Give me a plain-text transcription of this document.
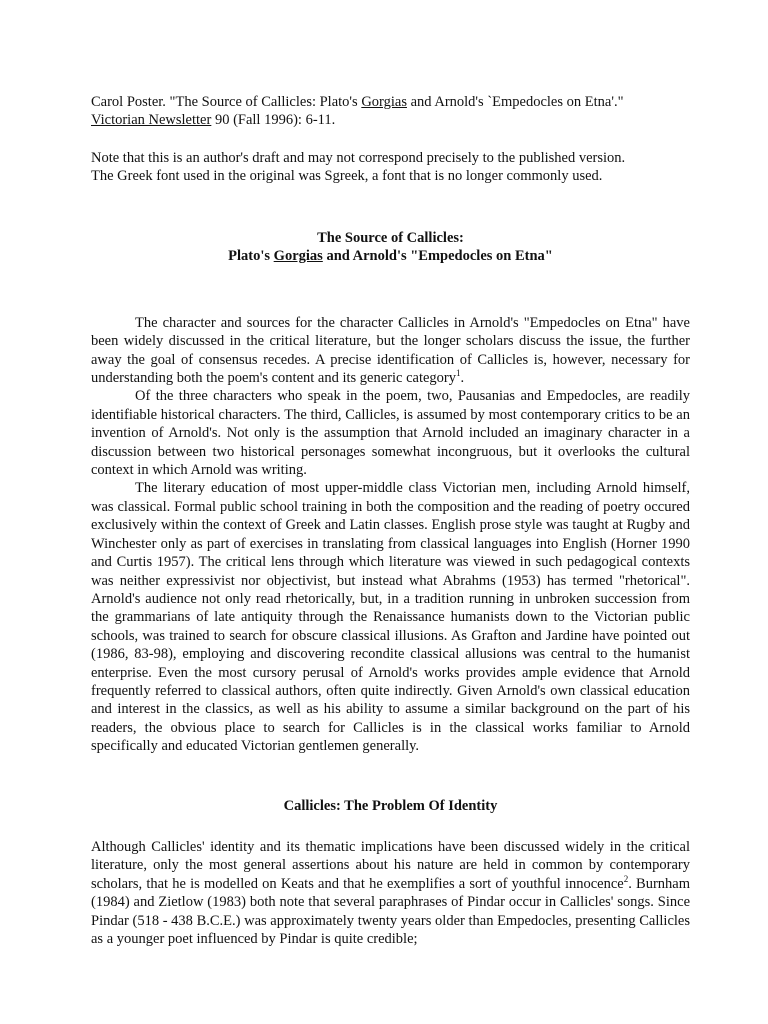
Carol Poster. "The Source of Callicles: Plato's Gorgias and Arnold's `Empedocles on Etna'."
Victorian Newsletter 90 (Fall 1996): 6-11.

Note that this is an author's draft and may not correspond precisely to the published version.
The Greek font used in the original was Sgreek, a font that is no longer commonly used.

The Source of Callicles:
Plato's Gorgias and Arnold's "Empedocles on Etna"

The character and sources for the character Callicles in Arnold's "Empedocles on Etna" have been widely discussed in the critical literature, but the longer scholars discuss the issue, the further away the goal of consensus recedes. A precise identification of Callicles is, however, necessary for understanding both the poem's content and its generic category$^1$.

Of the three characters who speak in the poem, two, Pausanias and Empedocles, are readily identifiable historical characters. The third, Callicles, is assumed by most contemporary critics to be an invention of Arnold's. Not only is the assumption that Arnold included an imaginary character in a discussion between two historical personages somewhat incongruous, but it overlooks the cultural context in which Arnold was writing.

The literary education of most upper-middle class Victorian men, including Arnold himself, was classical. Formal public school training in both the composition and the reading of poetry occured exclusively within the context of Greek and Latin classes. English prose style was taught at Rugby and Winchester only as part of exercises in translating from classical languages into English (Horner 1990 and Curtis 1957). The critical lens through which literature was viewed in such pedagogical contexts was neither expressivist nor objectivist, but instead what Abrahms (1953) has termed "rhetorical". Arnold's audience not only read rhetorically, but, in a tradition running in unbroken succession from the grammarians of late antiquity through the Renaissance humanists down to the Victorian public schools, was trained to search for obscure classical illusions. As Grafton and Jardine have pointed out (1986, 83-98), employing and discovering recondite classical allusions was central to the humanist enterprise. Even the most cursory perusal of Arnold's works provides ample evidence that Arnold frequently referred to classical authors, often quite indirectly. Given Arnold's own classical education and interest in the classics, as well as his ability to assume a similar background on the part of his readers, the obvious place to search for Callicles is in the classical works familiar to Arnold specifically and educated Victorian gentlemen generally.

Callicles: The Problem Of Identity

Although Callicles' identity and its thematic implications have been discussed widely in the critical literature, only the most general assertions about his nature are held in common by contemporary scholars, that he is modelled on Keats and that he exemplifies a sort of youthful innocence$^2$. Burnham (1984) and Zietlow (1983) both note that several paraphrases of Pindar occur in Callicles' songs. Since Pindar (518 - 438 B.C.E.) was approximately twenty years older than Empedocles, presenting Callicles as a younger poet influenced by Pindar is quite credible;
